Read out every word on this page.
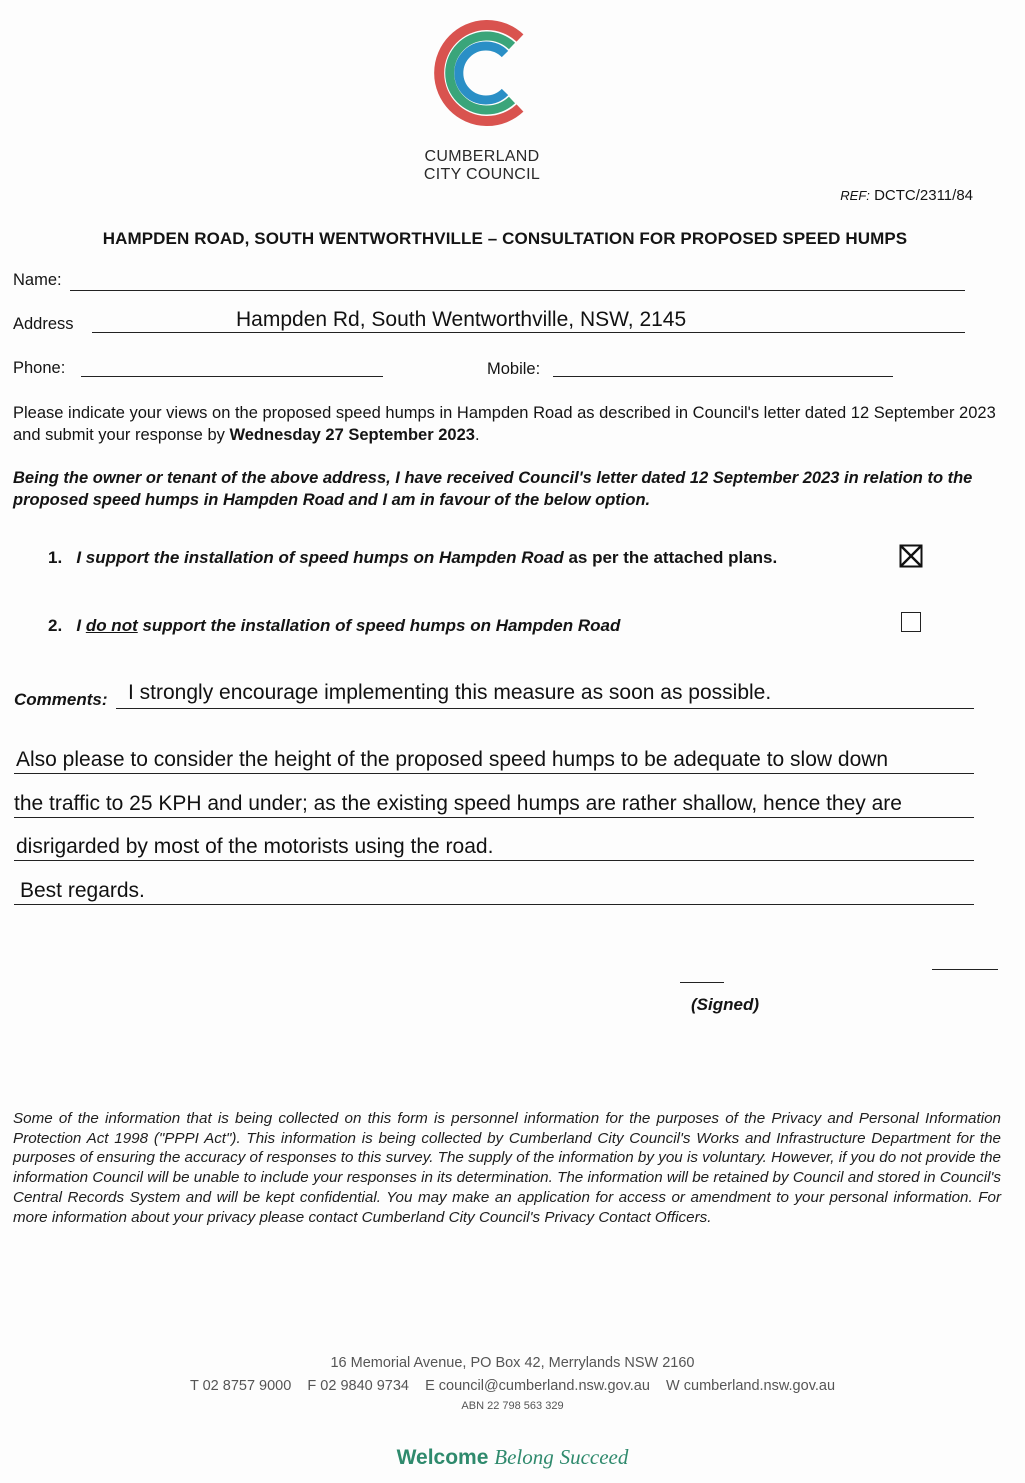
CUMBERLAND
CITY COUNCIL
REF: DCTC/2311/84
HAMPDEN ROAD, SOUTH WENTWORTHVILLE – CONSULTATION FOR PROPOSED SPEED HUMPS
Name:
Address	Hampden Rd, South Wentworthville, NSW, 2145
Phone:	Mobile:
Please indicate your views on the proposed speed humps in Hampden Road as described in Council's letter dated 12 September 2023 and submit your response by Wednesday 27 September 2023.
Being the owner or tenant of the above address, I have received Council's letter dated 12 September 2023 in relation to the proposed speed humps in Hampden Road and I am in favour of the below option.
1. I support the installation of speed humps on Hampden Road as per the attached plans.
2. I do not support the installation of speed humps on Hampden Road
Comments: I strongly encourage implementing this measure as soon as possible.
Also please to consider the height of the proposed speed humps to be adequate to slow down
the traffic to 25 KPH and under; as the existing speed humps are rather shallow, hence they are
disrigarded by most of the motorists using the road.
Best regards.
(Signed)
Some of the information that is being collected on this form is personnel information for the purposes of the Privacy and Personal Information Protection Act 1998 ("PPPI Act"). This information is being collected by Cumberland City Council's Works and Infrastructure Department for the purposes of ensuring the accuracy of responses to this survey. The supply of the information by you is voluntary. However, if you do not provide the information Council will be unable to include your responses in its determination. The information will be retained by Council and stored in Council's Central Records System and will be kept confidential. You may make an application for access or amendment to your personal information. For more information about your privacy please contact Cumberland City Council's Privacy Contact Officers.
16 Memorial Avenue, PO Box 42, Merrylands NSW 2160
T 02 8757 9000    F 02 9840 9734    E council@cumberland.nsw.gov.au    W cumberland.nsw.gov.au
ABN 22 798 563 329
Welcome Belong Succeed
